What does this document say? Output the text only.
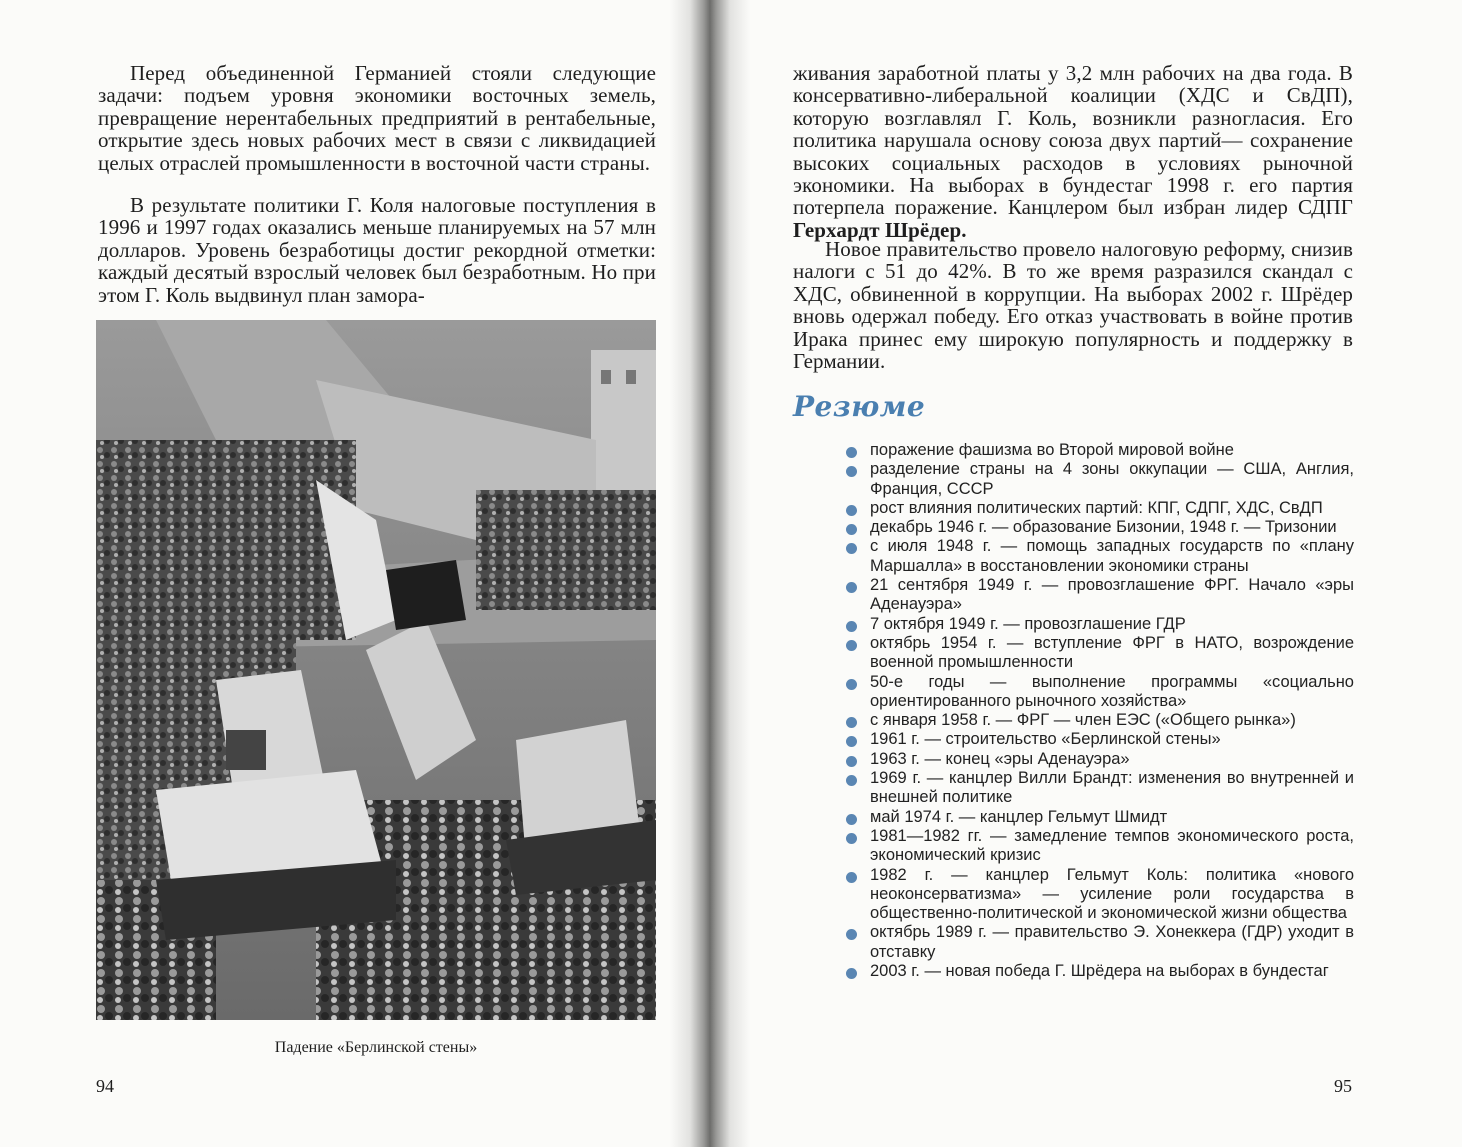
Перед объединенной Германией стояли следующие задачи: подъем уровня экономики восточных земель, превращение нерентабельных предприятий в рентабельные, открытие здесь новых рабочих мест в связи с ликвидацией целых отраслей промышленности в восточной части страны.

В результате политики Г. Коля налоговые поступления в 1996 и 1997 годах оказались меньше планируемых на 57 млн долларов. Уровень безработицы достиг рекордной отметки: каждый десятый взрослый человек был безработным. Но при этом Г. Коль выдвинул план замора-

Падение «Берлинской стены»
94

живания заработной платы у 3,2 млн рабочих на два года. В консервативно-либеральной коалиции (ХДС и СвДП), которую возглавлял Г. Коль, возникли разногласия. Его политика нарушала основу союза двух партий— сохранение высоких социальных расходов в условиях рыночной экономики. На выборах в бундестаг 1998 г. его партия потерпела поражение. Канцлером был избран лидер СДПГ Герхардт Шрёдер.

Новое правительство провело налоговую реформу, снизив налоги с 51 до 42%. В то же время разразился скандал с ХДС, обвиненной в коррупции. На выборах 2002 г. Шрёдер вновь одержал победу. Его отказ участвовать в войне против Ирака принес ему широкую популярность и поддержку в Германии.

Резюме
поражение фашизма во Второй мировой войне
разделение страны на 4 зоны оккупации — США, Англия, Франция, СССР
рост влияния политических партий: КПГ, СДПГ, ХДС, СвДП
декабрь 1946 г. — образование Бизонии, 1948 г. — Тризонии
с июля 1948 г. — помощь западных государств по «плану Маршалла» в восстановлении экономики страны
21 сентября 1949 г. — провозглашение ФРГ. Начало «эры Аденауэра»
7 октября 1949 г. — провозглашение ГДР
октябрь 1954 г. — вступление ФРГ в НАТО, возрождение военной промышленности
50-е годы — выполнение программы «социально ориентированного рыночного хозяйства»
с января 1958 г. — ФРГ — член ЕЭС («Общего рынка»)
1961 г. — строительство «Берлинской стены»
1963 г. — конец «эры Аденауэра»
1969 г. — канцлер Вилли Брандт: изменения во внутренней и внешней политике
май 1974 г. — канцлер Гельмут Шмидт
1981—1982 гг. — замедление темпов экономического роста, экономический кризис
1982 г. — канцлер Гельмут Коль: политика «нового неоконсерватизма» — усиление роли государства в общественно-политической и экономической жизни общества
октябрь 1989 г. — правительство Э. Хонеккера (ГДР) уходит в отставку
2003 г. — новая победа Г. Шрёдера на выборах в бундестаг
95
